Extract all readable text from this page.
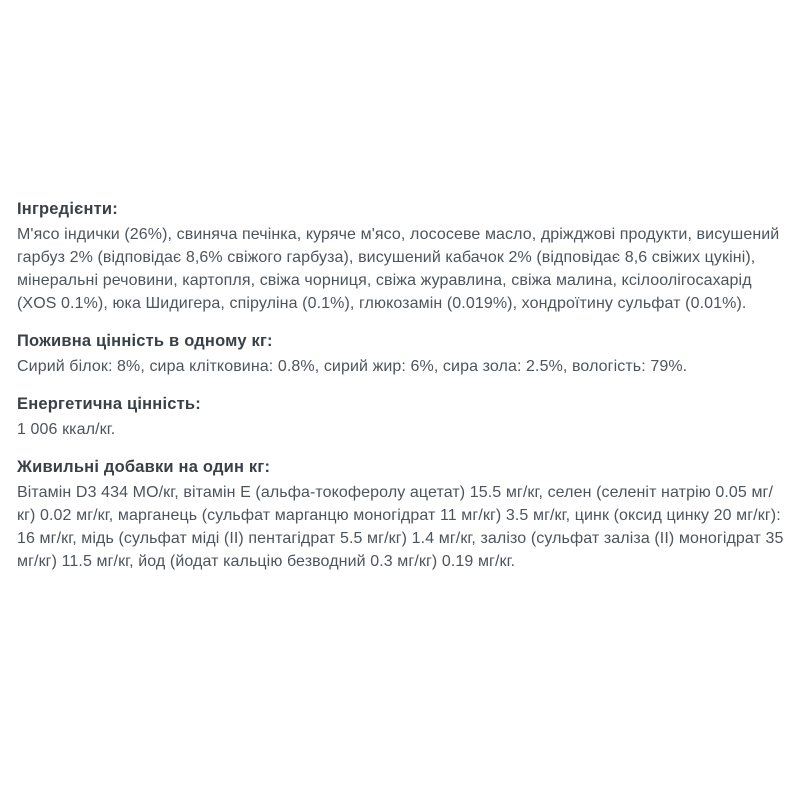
Інгредієнти:

М'ясо індички (26%), свиняча печінка, куряче м'ясо, лососеве масло, дріжджові продукти, висушений гарбуз 2% (відповідає 8,6% свіжого гарбуза), висушений кабачок 2% (відповідає 8,6 свіжих цукіні), мінеральні речовини, картопля, свіжа чорниця, свіжа журавлина, свіжа малина, ксілоолігосахарід (XOS 0.1%), юка Шидигера, спіруліна (0.1%), глюкозамін (0.019%), хондроїтину сульфат (0.01%).

Поживна цінність в одному кг:

Сирий білок: 8%, сира клітковина: 0.8%, сирий жир: 6%, сира зола: 2.5%, вологість: 79%.

Енергетична цінність:

1 006 ккал/кг.

Живильні добавки на один кг:

Вітамін D3 434 МО/кг, вітамін Е (альфа-токоферолу ацетат) 15.5 мг/кг, селен (селеніт натрію 0.05 мг/кг) 0.02 мг/кг, марганець (сульфат марганцю моногідрат 11 мг/кг) 3.5 мг/кг, цинк (оксид цинку 20 мг/кг): 16 мг/кг, мідь (сульфат міді (II) пентагідрат 5.5 мг/кг) 1.4 мг/кг, залізо (сульфат заліза (II) моногідрат 35 мг/кг) 11.5 мг/кг, йод (йодат кальцію безводний 0.3 мг/кг) 0.19 мг/кг.
